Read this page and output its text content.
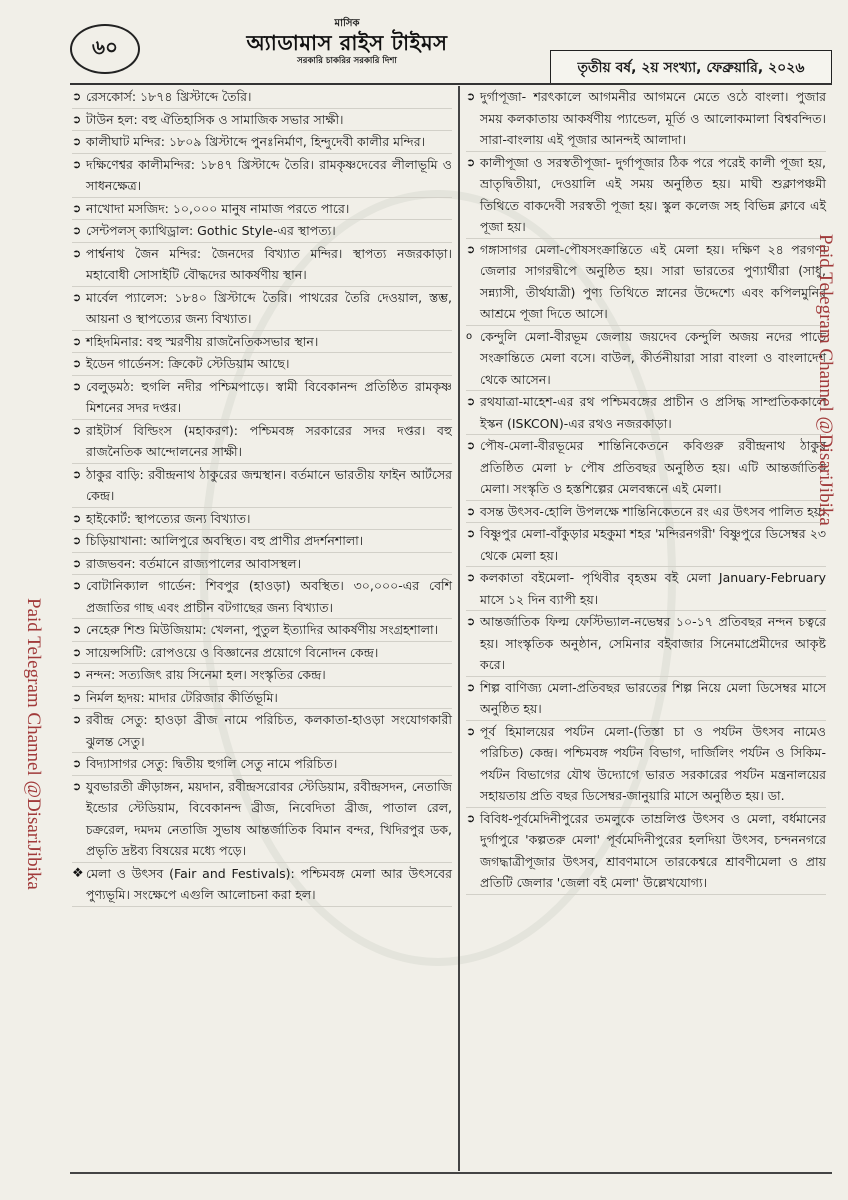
৬০
মাসিক
অ্যাডামাস রাইস টাইমস
সরকারি চাকরির সরকারি দিশা	তৃতীয় বর্ষ, ২য় সংখ্যা, ফেব্রুয়ারি, ২০২৬
➲ রেসকোর্স: ১৮৭৪ খ্রিস্টাব্দে তৈরি।
➲ টাউন হল: বহু ঐতিহাসিক ও সামাজিক সভার সাক্ষী।
➲ কালীঘাট মন্দির: ১৮০৯ খ্রিস্টাব্দে পুনঃনির্মাণ, হিন্দুদেবী কালীর মন্দির।
➲ দক্ষিণেশ্বর কালীমন্দির: ১৮৪৭ খ্রিস্টাব্দে তৈরি। রামকৃষ্ণদেবের লীলাভূমি ও সাধনক্ষেত্র।
➲ নাখোদা মসজিদ: ১০,০০০ মানুষ নামাজ পরতে পারে।
➲ সেন্টপলস্ ক্যাথিড্রাল: Gothic Style-এর স্থাপত্য।
➲ পার্শ্বনাথ জৈন মন্দির: জৈনদের বিখ্যাত মন্দির। স্থাপত্য নজরকাড়া। মহাবোধী সোসাইটি বৌদ্ধদের আকর্ষণীয় স্থান।
➲ মার্বেল প্যালেস: ১৮৪০ খ্রিস্টাব্দে তৈরি। পাথরের তৈরি দেওয়াল, স্তম্ভ, আয়না ও স্থাপত্যের জন্য বিখ্যাত।
➲ শহিদমিনার: বহু স্মরণীয় রাজনৈতিকসভার স্থান।
➲ ইডেন গার্ডেনস: ক্রিকেট স্টেডিয়াম আছে।
➲ বেলুড়মঠ: হুগলি নদীর পশ্চিমপাড়ে। স্বামী বিবেকানন্দ প্রতিষ্ঠিত রামকৃষ্ণ মিশনের সদর দপ্তর।
➲ রাইটার্স বিল্ডিংস (মহাকরণ): পশ্চিমবঙ্গ সরকারের সদর দপ্তর। বহু রাজনৈতিক আন্দোলনের সাক্ষী।
➲ ঠাকুর বাড়ি: রবীন্দ্রনাথ ঠাকুরের জন্মস্থান। বর্তমানে ভারতীয় ফাইন আর্টসের কেন্দ্র।
➲ হাইকোর্ট: স্থাপত্যের জন্য বিখ্যাত।
➲ চিড়িয়াখানা: আলিপুরে অবস্থিত। বহু প্রাণীর প্রদর্শনশালা।
➲ রাজভবন: বর্তমানে রাজ্যপালের আবাসস্থল।
➲ বোটানিক্যাল গার্ডেন: শিবপুর (হাওড়া) অবস্থিত। ৩০,০০০-এর বেশি প্রজাতির গাছ এবং প্রাচীন বটগাছের জন্য বিখ্যাত।
➲ নেহেরু শিশু মিউজিয়াম: খেলনা, পুতুল ইত্যাদির আকর্ষণীয় সংগ্রহশালা।
➲ সায়েন্সসিটি: রোপওয়ে ও বিজ্ঞানের প্রয়োগে বিনোদন কেন্দ্র।
➲ নন্দন: সত্যজিৎ রায় সিনেমা হল। সংস্কৃতির কেন্দ্র।
➲ নির্মল হৃদয়: মাদার টেরিজার কীর্তিভূমি।
➲ রবীন্দ্র সেতু: হাওড়া ব্রীজ নামে পরিচিত, কলকাতা-হাওড়া সংযোগকারী ঝুলন্ত সেতু।
➲ বিদ্যাসাগর সেতু: দ্বিতীয় হুগলি সেতু নামে পরিচিত।
➲ যুবভারতী ক্রীড়াঙ্গন, ময়দান, রবীন্দ্রসরোবর স্টেডিয়াম, রবীন্দ্রসদন, নেতাজি ইন্ডোর স্টেডিয়াম, বিবেকানন্দ ব্রীজ, নিবেদিতা ব্রীজ, পাতাল রেল, চক্ররেল, দমদম নেতাজি সুভাষ আন্তর্জাতিক বিমান বন্দর, খিদিরপুর ডক, প্রভৃতি দ্রষ্টব্য বিষয়ের মধ্যে পড়ে।
❖ মেলা ও উৎসব (Fair and Festivals): পশ্চিমবঙ্গ মেলা আর উৎসবের পুণ্যভূমি। সংক্ষেপে এগুলি আলোচনা করা হল।
➲ দুর্গাপূজা- শরৎকালে আগমনীর আগমনে মেতে ওঠে বাংলা। পুজার সময় কলকাতায় আকর্ষণীয় প্যান্ডেল, মূর্তি ও আলোকমালা বিশ্ববন্দিত। সারা-বাংলায় এই পূজার আনন্দই আলাদা।
➲ কালীপূজা ও সরস্বতীপূজা- দুর্গাপূজার ঠিক পরে পরেই কালী পূজা হয়, ভ্রাতৃদ্বিতীয়া, দেওয়ালি এই সময় অনুষ্ঠিত হয়। মাঘী শুক্লাপঞ্চমী তিথিতে বাকদেবী সরস্বতী পূজা হয়। স্কুল কলেজ সহ বিভিন্ন ক্লাবে এই পূজা হয়।
➲ গঙ্গাসাগর মেলা-পৌষসংক্রান্তিতে এই মেলা হয়। দক্ষিণ ২৪ পরগণা জেলার সাগরদ্বীপে অনুষ্ঠিত হয়। সারা ভারতের পুণ্যার্থীরা (সাধু, সন্ন্যাসী, তীর্থযাত্রী) পুণ্য তিথিতে স্নানের উদ্দেশ্যে এবং কপিলমুনির আশ্রমে পূজা দিতে আসে।
o কেন্দুলি মেলা-বীরভূম জেলায় জয়দেব কেন্দুলি অজয় নদের পাড়ে সংক্রান্তিতে মেলা বসে। বাউল, কীর্তনীয়ারা সারা বাংলা ও বাংলাদেশ থেকে আসেন।
➲ রথযাত্রা-মাহেশ-এর রথ পশ্চিমবঙ্গের প্রাচীন ও প্রসিদ্ধ সাম্প্রতিককালে ইস্কন (ISKCON)-এর রথও নজরকাড়া।
➲ পৌষ-মেলা-বীরভূমের শান্তিনিকেতনে কবিগুরু রবীন্দ্রনাথ ঠাকুর প্রতিষ্ঠিত মেলা ৮ পৌষ প্রতিবছর অনুষ্ঠিত হয়। এটি আন্তর্জাতিক মেলা। সংস্কৃতি ও হস্তশিল্পের মেলবন্ধনে এই মেলা।
➲ বসন্ত উৎসব-হোলি উপলক্ষে শান্তিনিকেতনে রং এর উৎসব পালিত হয়।
➲ বিষ্ণুপুর মেলা-বাঁকুড়ার মহকুমা শহর 'মন্দিরনগরী' বিষ্ণুপুরে ডিসেম্বর ২৩ থেকে মেলা হয়।
➲ কলকাতা বইমেলা- পৃথিবীর বৃহত্তম বই মেলা January-February মাসে ১২ দিন ব্যাপী হয়।
➲ আন্তর্জাতিক ফিল্ম ফেস্টিভ্যাল-নভেম্বর ১০-১৭ প্রতিবছর নন্দন চত্বরে হয়। সাংস্কৃতিক অনুষ্ঠান, সেমিনার বইবাজার সিনেমাপ্রেমীদের আকৃষ্ট করে।
➲ শিল্প বাণিজ্য মেলা-প্রতিবছর ভারতের শিল্প নিয়ে মেলা ডিসেম্বর মাসে অনুষ্ঠিত হয়।
➲ পূর্ব হিমালয়ের পর্যটন মেলা-(তিস্তা চা ও পর্যটন উৎসব নামেও পরিচিত) কেন্দ্র। পশ্চিমবঙ্গ পর্যটন বিভাগ, দার্জিলিং পর্যটন ও সিকিম-পর্যটন বিভাগের যৌথ উদ্যোগে ভারত সরকারের পর্যটন মন্ত্রনালয়ের সহায়তায় প্রতি বছর ডিসেম্বর-জানুয়ারি মাসে অনুষ্ঠিত হয়। ডা.
➲ বিবিধ-পূর্বমেদিনীপুরের তমলুকে তাম্রলিপ্ত উৎসব ও মেলা, বর্ধমানের দুর্গাপুরে 'কল্পতরু মেলা' পূর্বমেদিনীপুরের হলদিয়া উৎসব, চন্দননগরে জগদ্ধাত্রীপূজার উৎসব, শ্রাবণমাসে তারকেশ্বরে শ্রাবণীমেলা ও প্রায় প্রতিটি জেলার 'জেলা বই মেলা' উল্লেখযোগ্য।
Paid Telegram Channel @DisariJibika
Paid Telegram Channel @DisariJibika
